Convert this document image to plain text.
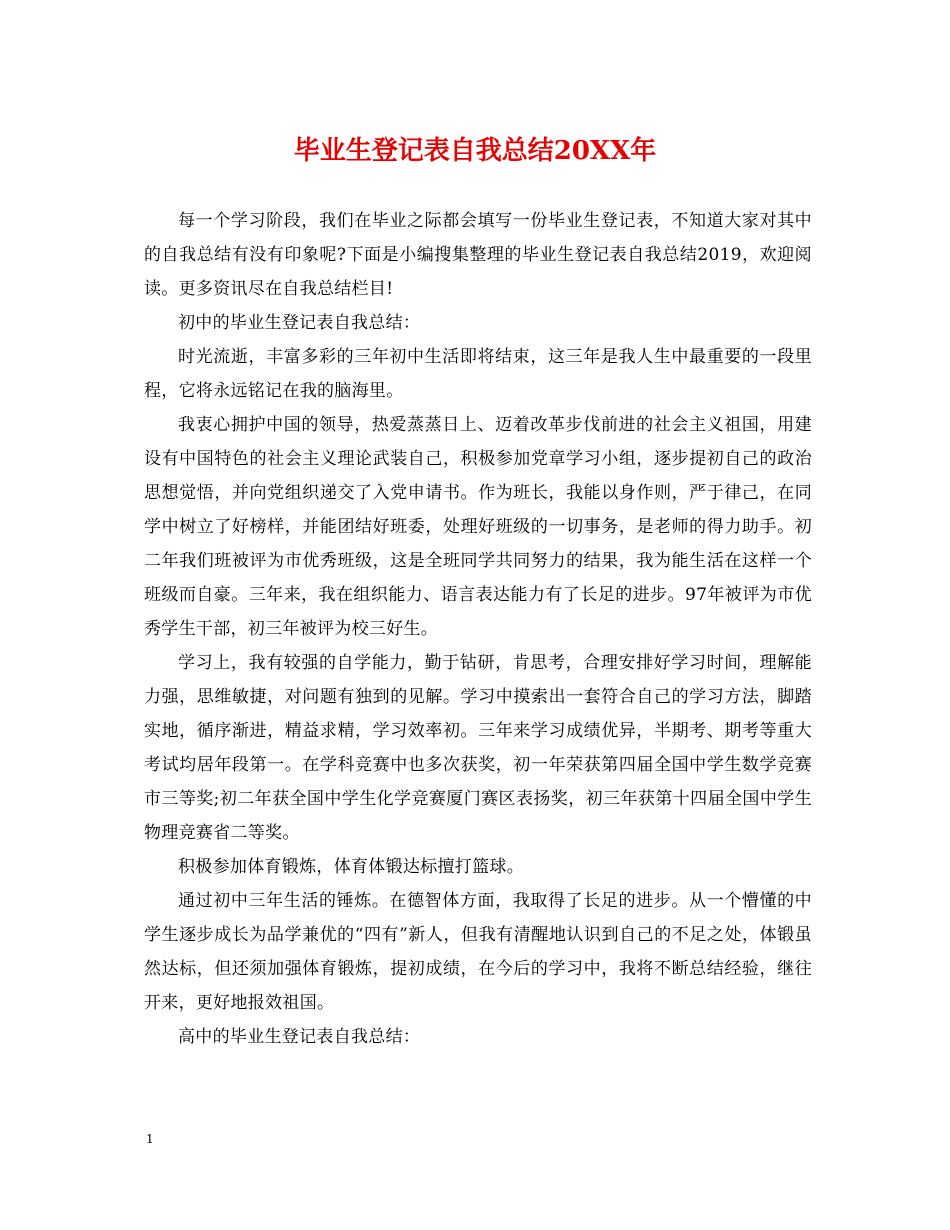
毕业生登记表自我总结20XX年

每一个学习阶段，我们在毕业之际都会填写一份毕业生登记表，不知道大家对其中的自我总结有没有印象呢?下面是小编搜集整理的毕业生登记表自我总结2019，欢迎阅读。更多资讯尽在自我总结栏目!

初中的毕业生登记表自我总结：

时光流逝，丰富多彩的三年初中生活即将结束，这三年是我人生中最重要的一段里程，它将永远铭记在我的脑海里。

我衷心拥护中国的领导，热爱蒸蒸日上、迈着改革步伐前进的社会主义祖国，用建设有中国特色的社会主义理论武装自己，积极参加党章学习小组，逐步提初自己的政治思想觉悟，并向党组织递交了入党申请书。作为班长，我能以身作则，严于律己，在同学中树立了好榜样，并能团结好班委，处理好班级的一切事务，是老师的得力助手。初二年我们班被评为市优秀班级，这是全班同学共同努力的结果，我为能生活在这样一个班级而自豪。三年来，我在组织能力、语言表达能力有了长足的进步。97年被评为市优秀学生干部，初三年被评为校三好生。

学习上，我有较强的自学能力，勤于钻研，肯思考，合理安排好学习时间，理解能力强，思维敏捷，对问题有独到的见解。学习中摸索出一套符合自己的学习方法，脚踏实地，循序渐进，精益求精，学习效率初。三年来学习成绩优异，半期考、期考等重大考试均居年段第一。在学科竞赛中也多次获奖，初一年荣获第四届全国中学生数学竞赛市三等奖;初二年获全国中学生化学竞赛厦门赛区表扬奖，初三年获第十四届全国中学生物理竞赛省二等奖。

积极参加体育锻炼，体育体锻达标擅打篮球。

通过初中三年生活的锤炼。在德智体方面，我取得了长足的进步。从一个懵懂的中学生逐步成长为品学兼优的“四有”新人，但我有清醒地认识到自己的不足之处，体锻虽然达标，但还须加强体育锻炼，提初成绩，在今后的学习中，我将不断总结经验，继往开来，更好地报效祖国。

高中的毕业生登记表自我总结：

1
